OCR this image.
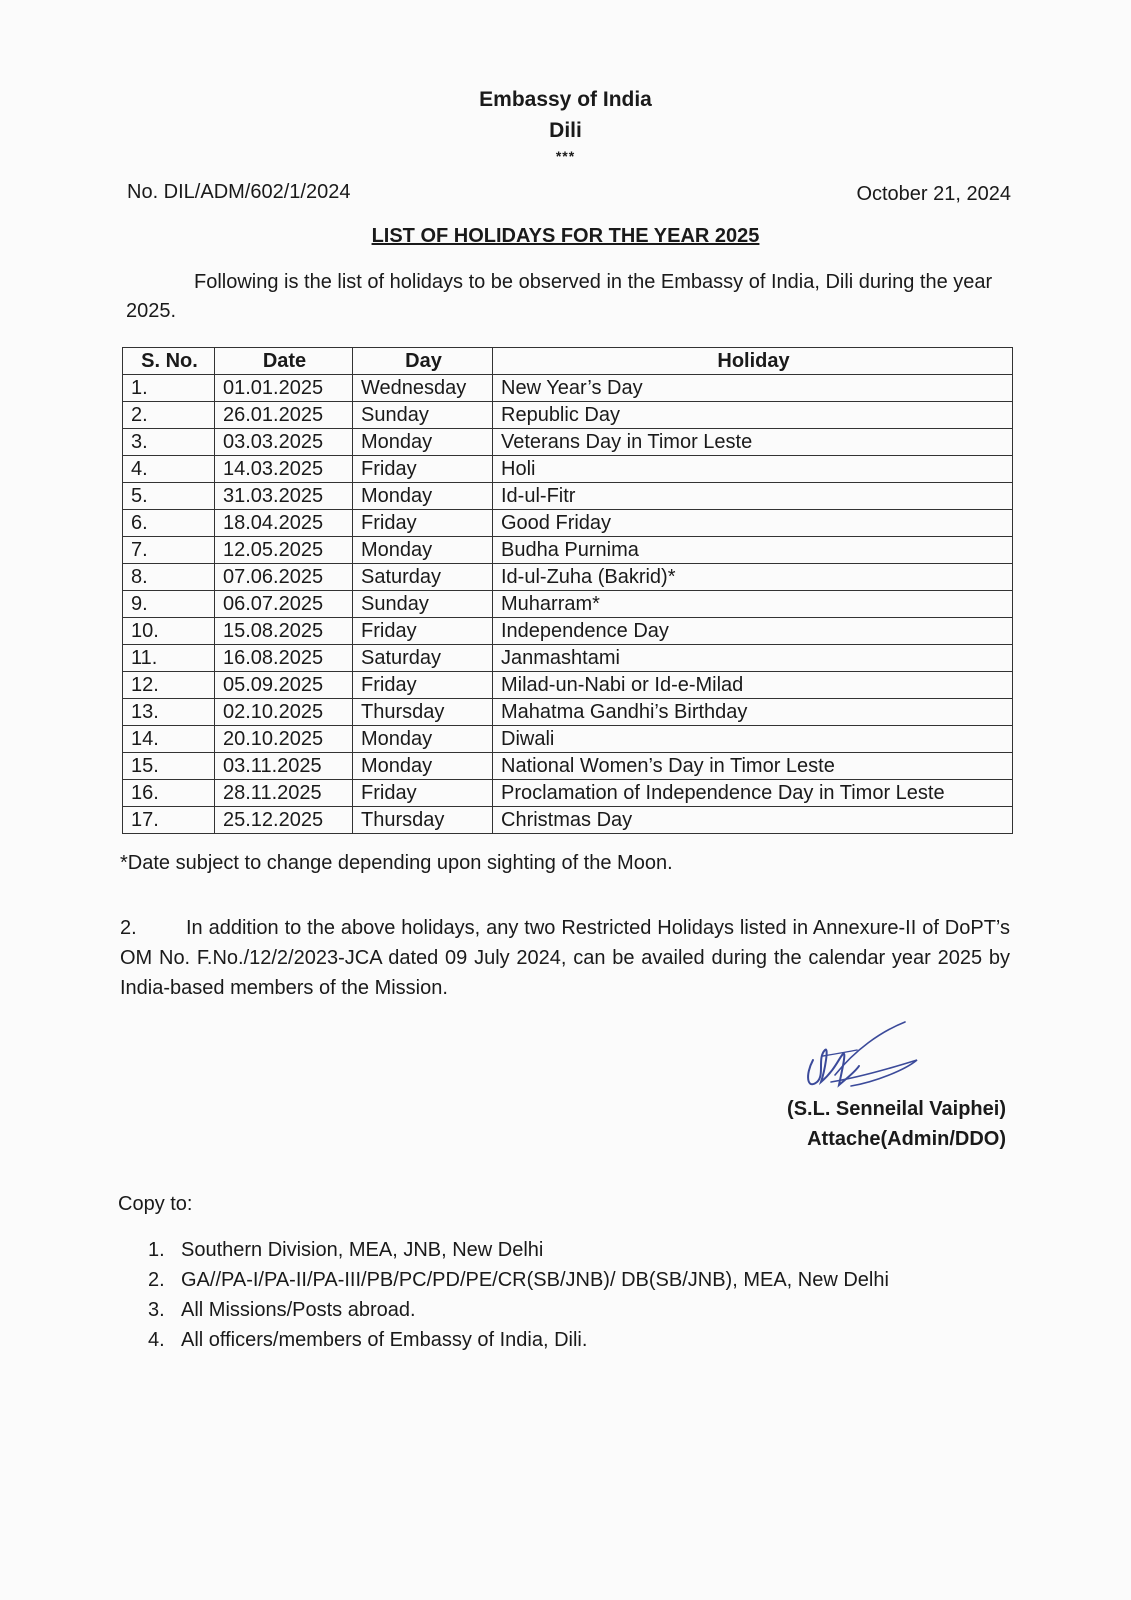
Embassy of India
Dili
***
No. DIL/ADM/602/1/2024	October 21, 2024
LIST OF HOLIDAYS FOR THE YEAR 2025
Following is the list of holidays to be observed in the Embassy of India, Dili during the year 2025.
S. No.	Date	Day	Holiday
1.	01.01.2025	Wednesday	New Year’s Day
2.	26.01.2025	Sunday	Republic Day
3.	03.03.2025	Monday	Veterans Day in Timor Leste
4.	14.03.2025	Friday	Holi
5.	31.03.2025	Monday	Id-ul-Fitr
6.	18.04.2025	Friday	Good Friday
7.	12.05.2025	Monday	Budha Purnima
8.	07.06.2025	Saturday	Id-ul-Zuha (Bakrid)*
9.	06.07.2025	Sunday	Muharram*
10.	15.08.2025	Friday	Independence Day
11.	16.08.2025	Saturday	Janmashtami
12.	05.09.2025	Friday	Milad-un-Nabi or Id-e-Milad
13.	02.10.2025	Thursday	Mahatma Gandhi’s Birthday
14.	20.10.2025	Monday	Diwali
15.	03.11.2025	Monday	National Women’s Day in Timor Leste
16.	28.11.2025	Friday	Proclamation of Independence Day in Timor Leste
17.	25.12.2025	Thursday	Christmas Day
*Date subject to change depending upon sighting of the Moon.
2. In addition to the above holidays, any two Restricted Holidays listed in Annexure-II of DoPT’s OM No. F.No./12/2/2023-JCA dated 09 July 2024, can be availed during the calendar year 2025 by India-based members of the Mission.
(S.L. Senneilal Vaiphei)
Attache(Admin/DDO)
Copy to:
1. Southern Division, MEA, JNB, New Delhi
2. GA//PA-I/PA-II/PA-III/PB/PC/PD/PE/CR(SB/JNB)/ DB(SB/JNB), MEA, New Delhi
3. All Missions/Posts abroad.
4. All officers/members of Embassy of India, Dili.
